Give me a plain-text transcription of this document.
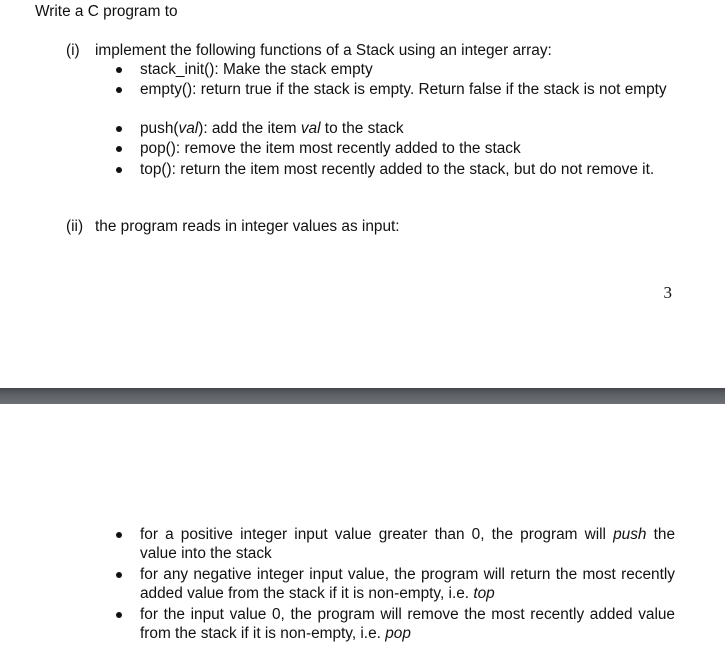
Write a C program to
(i) implement the following functions of a Stack using an integer array:
stack_init(): Make the stack empty
empty(): return true if the stack is empty. Return false if the stack is not empty
push(val): add the item val to the stack
pop(): remove the item most recently added to the stack
top(): return the item most recently added to the stack, but do not remove it.
(ii) the program reads in integer values as input:
3
for a positive integer input value greater than 0, the program will push the value into the stack
for any negative integer input value, the program will return the most recently added value from the stack if it is non-empty, i.e. top
for the input value 0, the program will remove the most recently added value from the stack if it is non-empty, i.e. pop
